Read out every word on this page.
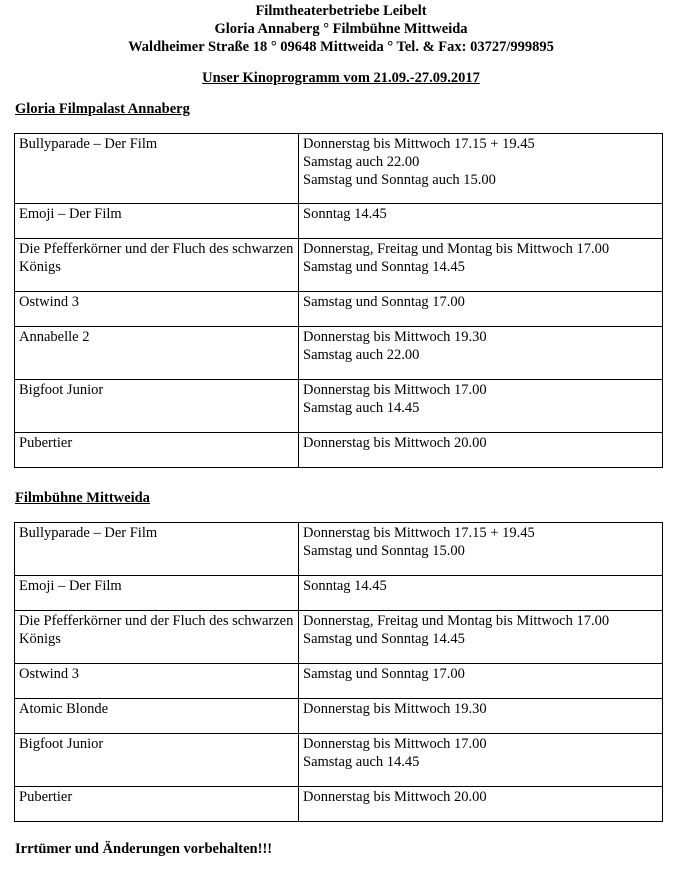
Filmtheaterbetriebe Leibelt
Gloria Annaberg ° Filmbühne Mittweida
Waldheimer Straße 18 ° 09648 Mittweida ° Tel. & Fax: 03727/999895
Unser Kinoprogramm vom 21.09.-27.09.2017
Gloria Filmpalast Annaberg
Bullyparade – Der Film	Donnerstag bis Mittwoch 17.15 + 19.45
Samstag auch 22.00
Samstag und Sonntag auch 15.00

Emoji – Der Film	Sonntag 14.45

Die Pfefferkörner und der Fluch des schwarzen Königs	Donnerstag, Freitag und Montag bis Mittwoch 17.00
Samstag und Sonntag 14.45

Ostwind 3	Samstag und Sonntag 17.00

Annabelle 2	Donnerstag bis Mittwoch 19.30
Samstag auch 22.00

Bigfoot Junior	Donnerstag bis Mittwoch 17.00
Samstag auch 14.45

Pubertier	Donnerstag bis Mittwoch 20.00
Filmbühne Mittweida
Bullyparade – Der Film	Donnerstag bis Mittwoch 17.15 + 19.45
Samstag und Sonntag 15.00

Emoji – Der Film	Sonntag 14.45

Die Pfefferkörner und der Fluch des schwarzen Königs	Donnerstag, Freitag und Montag bis Mittwoch 17.00
Samstag und Sonntag 14.45

Ostwind 3	Samstag und Sonntag 17.00

Atomic Blonde	Donnerstag bis Mittwoch 19.30

Bigfoot Junior	Donnerstag bis Mittwoch 17.00
Samstag auch 14.45

Pubertier	Donnerstag bis Mittwoch 20.00
Irrtümer und Änderungen vorbehalten!!!
